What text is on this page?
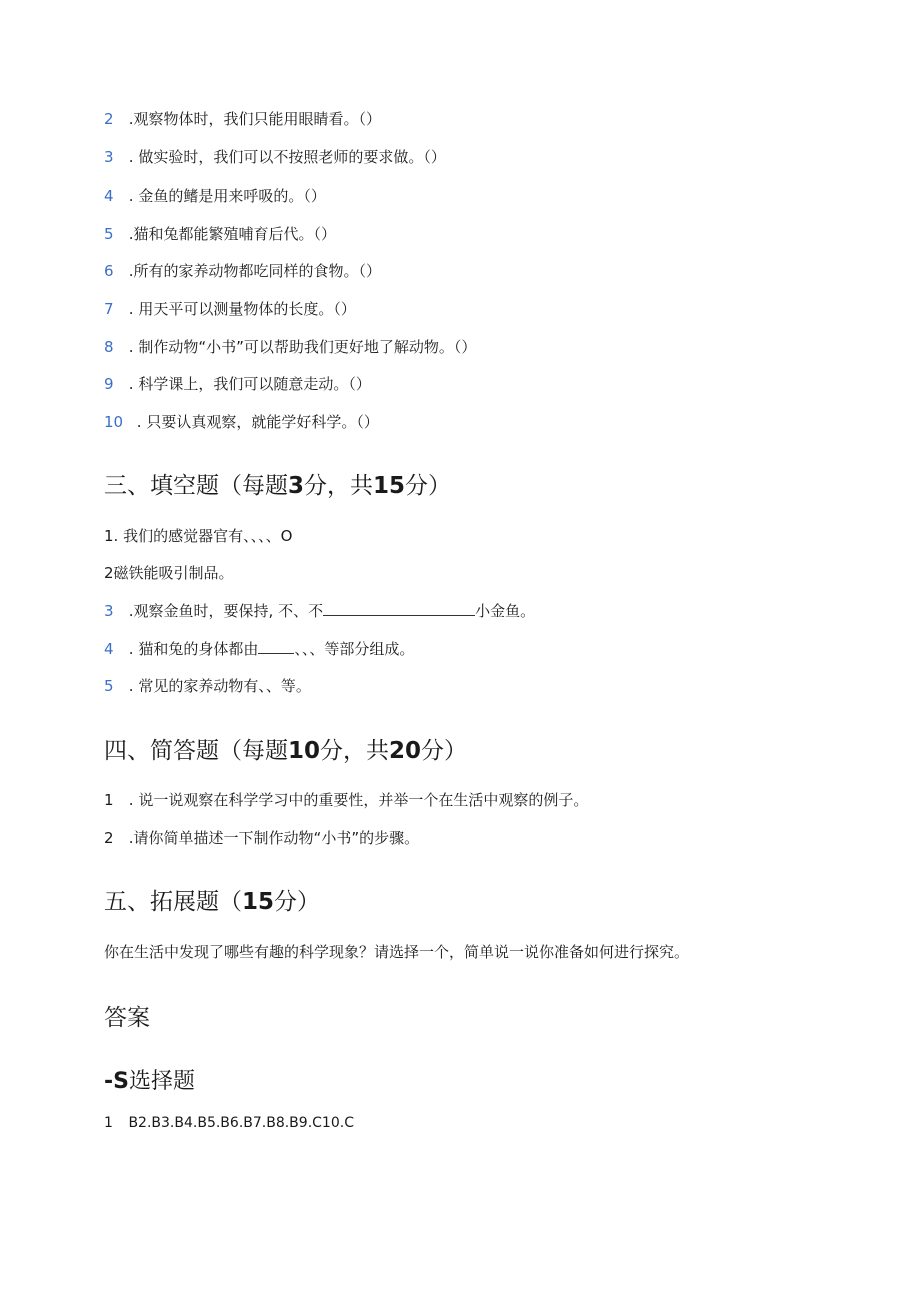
2 .观察物体时，我们只能用眼睛看。（）
3 . 做实验时，我们可以不按照老师的要求做。（）
4 . 金鱼的鳍是用来呼吸的。（）
5 .猫和兔都能繁殖哺育后代。（）
6 .所有的家养动物都吃同样的食物。（）
7 . 用天平可以测量物体的长度。（）
8 . 制作动物“小书”可以帮助我们更好地了解动物。（）
9 . 科学课上，我们可以随意走动。（）
10 . 只要认真观察，就能学好科学。（）
三、填空题（每题3分，共15分）
1. 我们的感觉器官有、、、、O
2磁铁能吸引制品。
3 .观察金鱼时，要保持, 不、不	小金鱼。
4 . 猫和兔的身体都由 、、、等部分组成。
5 . 常见的家养动物有、、等。
四、简答题（每题10分，共20分）
1 . 说一说观察在科学学习中的重要性，并举一个在生活中观察的例子。
2 .请你简单描述一下制作动物“小书”的步骤。
五、拓展题（15分）
你在生活中发现了哪些有趣的科学现象？请选择一个，简单说一说你准备如何进行探究。
答案
-S选择题
1 B2.B3.B4.B5.B6.B7.B8.B9.C10.C
